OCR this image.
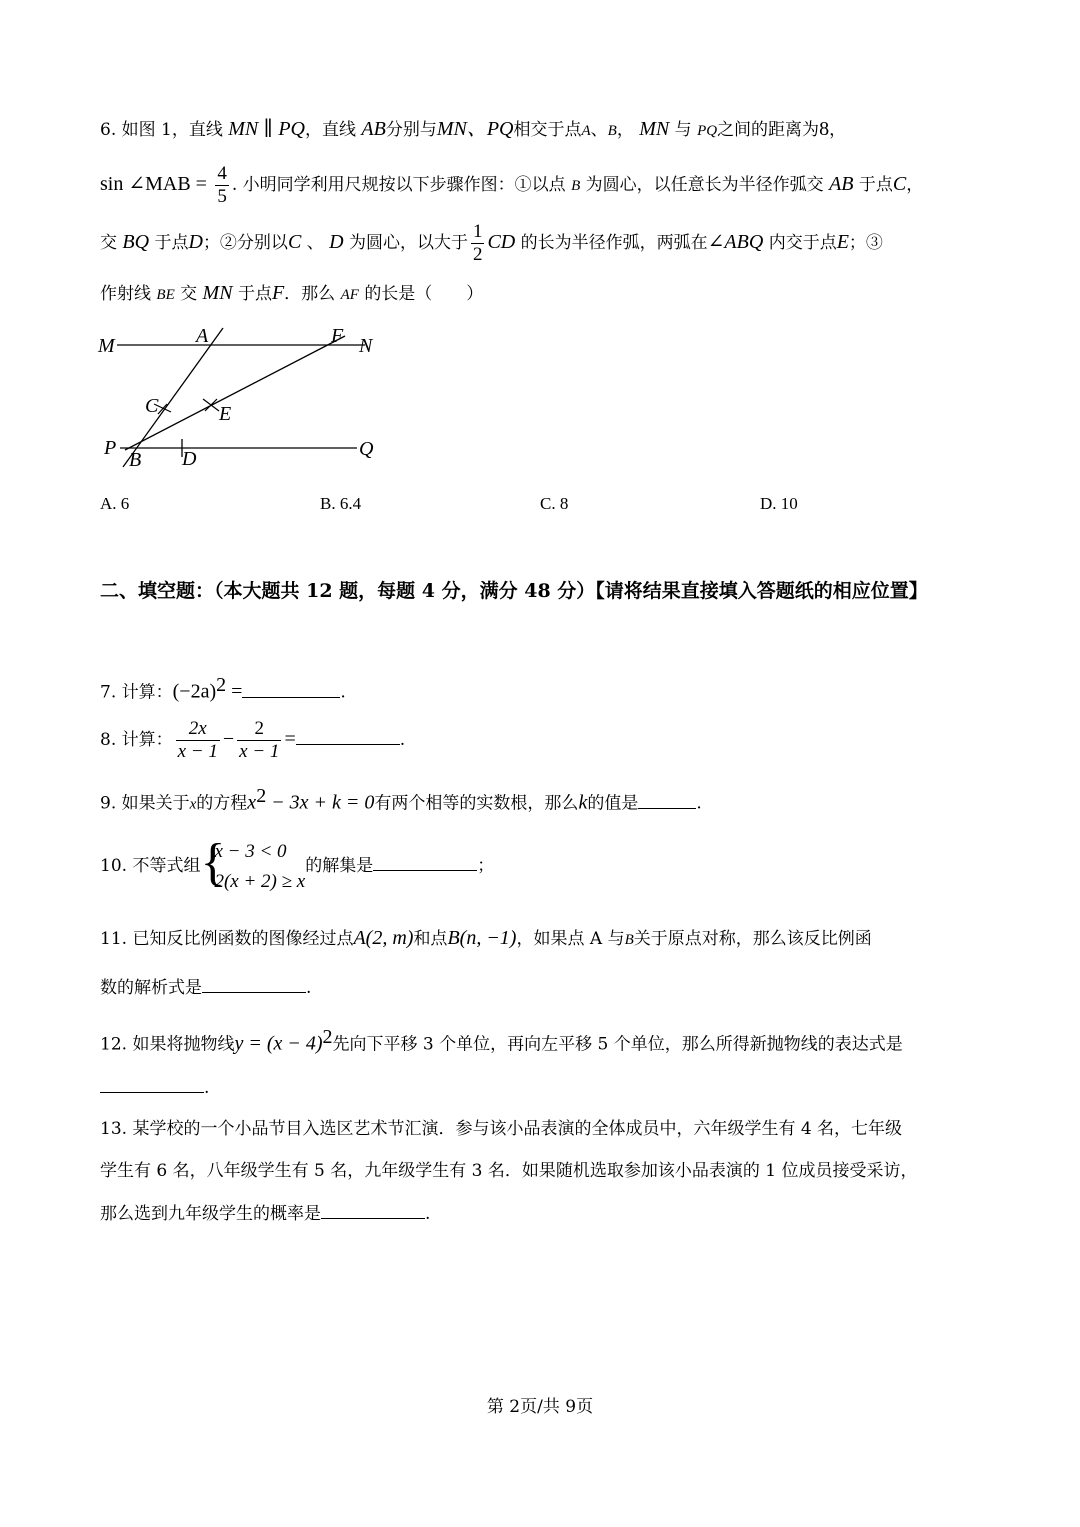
6. 如图 1，直线 MN ∥ PQ，直线 AB分别与MN、PQ相交于点A、B， MN 与 PQ之间的距离为8，
sin ∠MAB = $\frac{4}{5}$ . 小明同学利用尺规按以下步骤作图：①以点 B 为圆心，以任意长为半径作弧交 AB 于点C，
交 BQ 于点D；②分别以C 、 D 为圆心，以大于 $\frac{1}{2}$ CD 的长为半径作弧，两弧在∠ABQ 内交于点E；③
作射线 BE 交 MN 于点F．那么 AF 的长是（　　）
M	A	F N
C	E
P
B D	Q
A. 6	B. 6.4	C. 8	D. 10
二、填空题：（本大题共 12 题，每题 4 分，满分 48 分）【请将结果直接填入答题纸的相应位置】
7. 计算：$(-2a)^2$ =	.
8. 计算： $\frac{2x}{x - 1} - \frac{2}{x - 1}$ =	.
9. 如果关于x的方程$x^2 - 3x + k = 0$有两个相等的实数根，那么k的值是	.
10. 不等式组 {
x − 3 < 0
2(x + 2) ≥ x
的解集是	；
11. 已知反比例函数的图像经过点A(2, m)和点B(n, −1)，如果点 A 与B关于原点对称，那么该反比例函
数的解析式是	.
12. 如果将抛物线$y = (x - 4)^2$先向下平移 3 个单位，再向左平移 5 个单位，那么所得新抛物线的表达式是
.
13. 某学校的一个小品节目入选区艺术节汇演．参与该小品表演的全体成员中，六年级学生有 4 名，七年级
学生有 6 名，八年级学生有 5 名，九年级学生有 3 名．如果随机选取参加该小品表演的 1 位成员接受采访，
那么选到九年级学生的概率是	.
第 2页/共 9页
